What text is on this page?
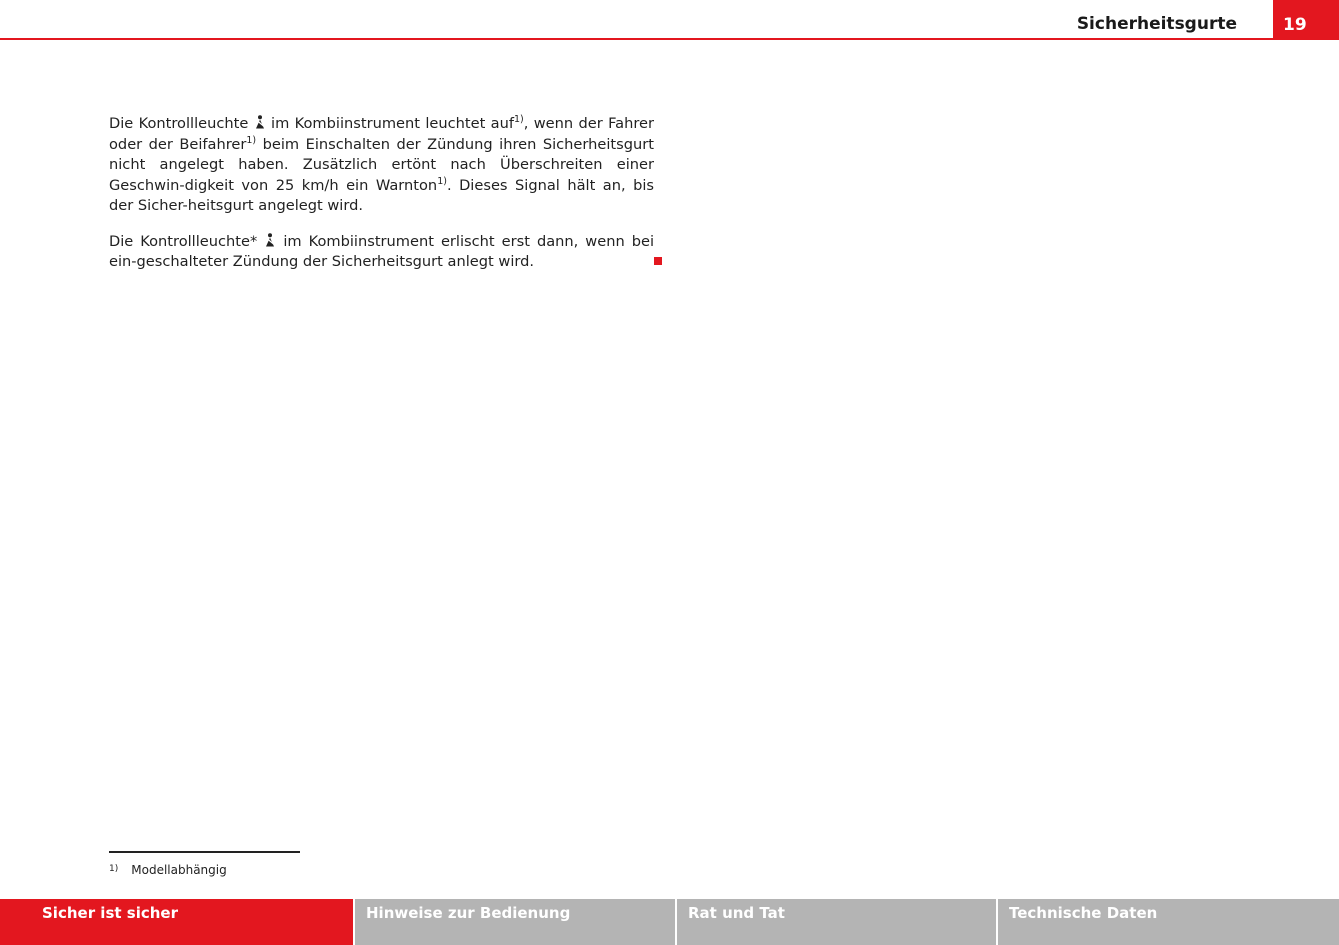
Sicherheitsgurte	19

Die Kontrollleuchte im Kombiinstrument leuchtet auf$^{1)}$, wenn der Fahrer oder der Beifahrer$^{1)}$ beim Einschalten der Zündung ihren Sicherheitsgurt nicht angelegt haben. Zusätzlich ertönt nach Überschreiten einer Geschwin-digkeit von 25 km/h ein Warnton$^{1)}$. Dieses Signal hält an, bis der Sicher-heitsgurt angelegt wird.

Die Kontrollleuchte* im Kombiinstrument erlischt erst dann, wenn bei ein-geschalteter Zündung der Sicherheitsgurt anlegt wird.

$^{1)}$ Modellabhängig
Sicher ist sicher	Hinweise zur Bedienung	Rat und Tat	Technische Daten
